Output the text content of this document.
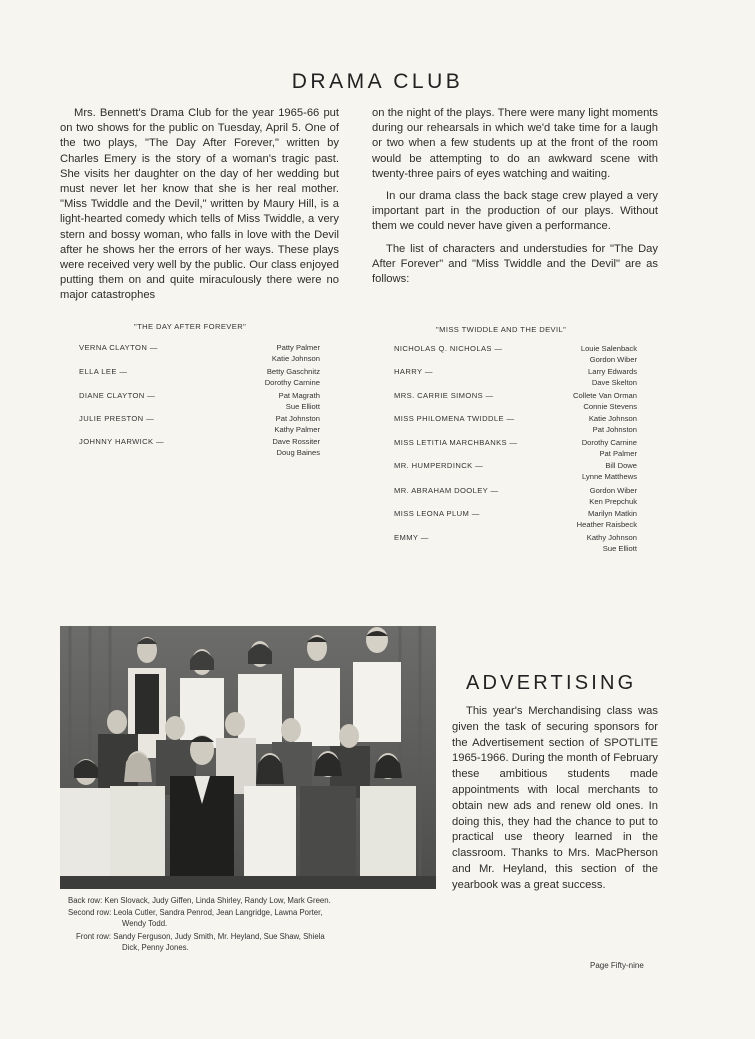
DRAMA CLUB

Mrs. Bennett's Drama Club for the year 1965-66 put on two shows for the public on Tuesday, April 5. One of the two plays, "The Day After Forever," written by Charles Emery is the story of a woman's tragic past. She visits her daughter on the day of her wedding but must never let her know that she is her real mother. "Miss Twiddle and the Devil," written by Maury Hill, is a light-hearted comedy which tells of Miss Twiddle, a very stern and bossy woman, who falls in love with the Devil after he shows her the errors of her ways. These plays were received very well by the public. Our class enjoyed putting them on and quite miraculously there were no major catastrophes

on the night of the plays. There were many light moments during our rehearsals in which we'd take time for a laugh or two when a few students up at the front of the room would be attempting to do an awkward scene with twenty-three pairs of eyes watching and waiting.

In our drama class the back stage crew played a very important part in the production of our plays. Without them we could never have given a performance.

The list of characters and understudies for "The Day After Forever" and "Miss Twiddle and the Devil" are as follows:

"THE DAY AFTER FOREVER"
VERNA CLAYTON —	Patty Palmer
Katie Johnson
ELLA LEE —	Betty Gaschnitz
Dorothy Carnine
DIANE CLAYTON —	Pat Magrath
Sue Elliott
JULIE PRESTON —	Pat Johnston
Kathy Palmer
JOHNNY HARWICK —	Dave Rossiter
Doug Baines
"MISS TWIDDLE AND THE DEVIL"
NICHOLAS Q. NICHOLAS —	Louie Salenback
Gordon Wiber
HARRY —	Larry Edwards
Dave Skelton
MRS. CARRIE SIMONS —	Collete Van Orman
Connie Stevens
MISS PHILOMENA TWIDDLE —	Katie Johnson
Pat Johnston
MISS LETITIA MARCHBANKS —	Dorothy Carnine
Pat Palmer
MR. HUMPERDINCK —	Bill Dowe
Lynne Matthews
MR. ABRAHAM DOOLEY —	Gordon Wiber
Ken Prepchuk
MISS LEONA PLUM —	Marilyn Matkin
Heather Raisbeck
EMMY —	Kathy Johnson
Sue Elliott
Back row: Ken Slovack, Judy Giffen, Linda Shirley, Randy Low, Mark Green.
Second row: Leola Cutler, Sandra Penrod, Jean Langridge, Lawna Porter,
Wendy Todd.
Front row: Sandy Ferguson, Judy Smith, Mr. Heyland, Sue Shaw, Shiela
Dick, Penny Jones.
ADVERTISING
This year's Merchandising class was given the task of securing sponsors for the Advertisement section of SPOTLITE 1965-1966. During the month of February these ambitious students made appointments with local merchants to obtain new ads and renew old ones. In doing this, they had the chance to put to practical use theory learned in the classroom. Thanks to Mrs. MacPherson and Mr. Heyland, this section of the yearbook was a great success.
Page Fifty-nine
